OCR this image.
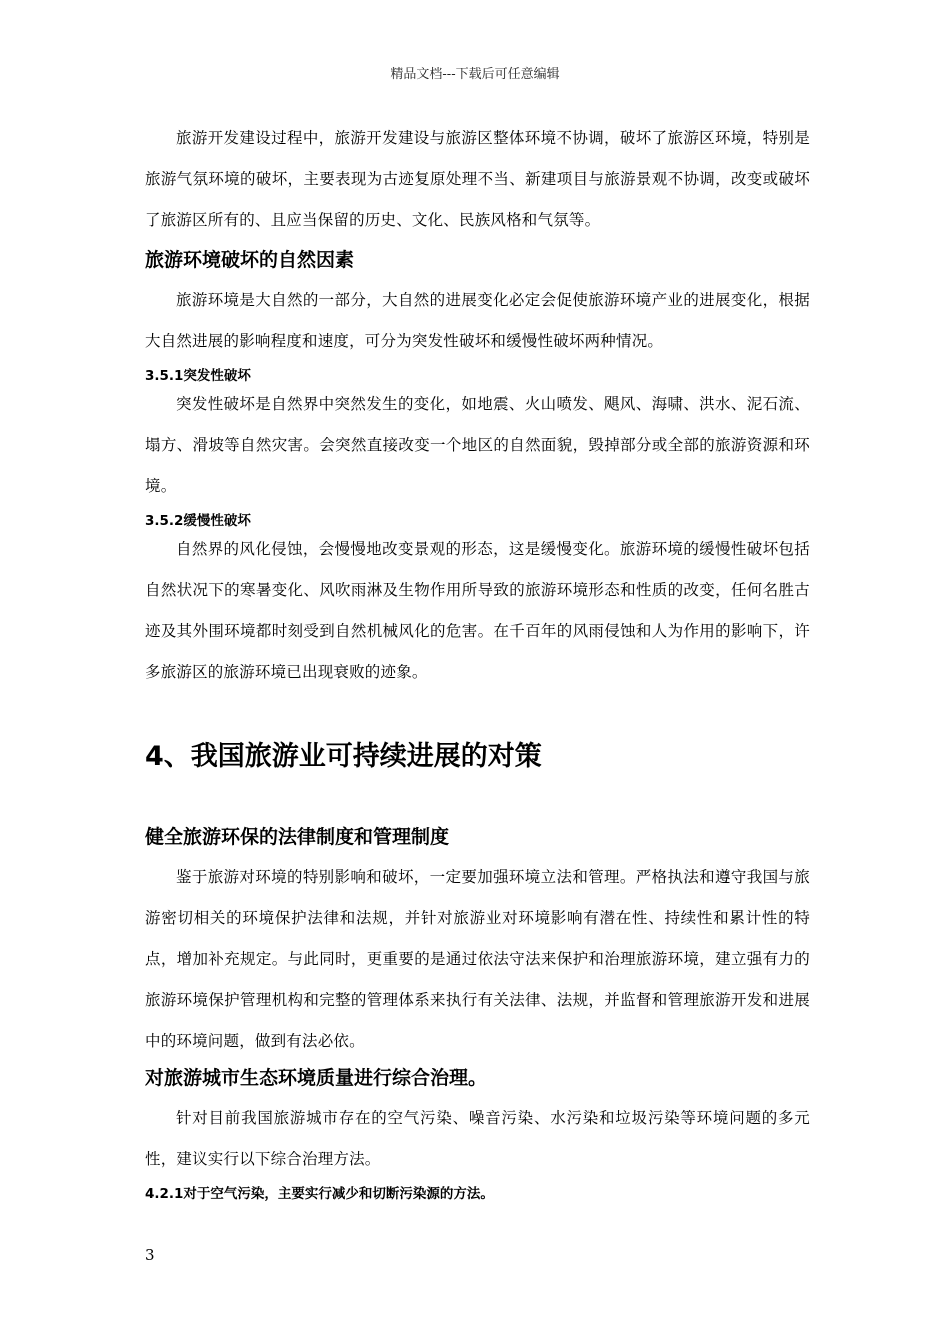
精品文档---下载后可任意编辑

旅游开发建设过程中，旅游开发建设与旅游区整体环境不协调，破坏了旅游区环境，特别是旅游气氛环境的破坏，主要表现为古迹复原处理不当、新建项目与旅游景观不协调，改变或破坏了旅游区所有的、且应当保留的历史、文化、民族风格和气氛等。

旅游环境破坏的自然因素

旅游环境是大自然的一部分，大自然的进展变化必定会促使旅游环境产业的进展变化，根据大自然进展的影响程度和速度，可分为突发性破坏和缓慢性破坏两种情况。

3.5.1突发性破坏

突发性破坏是自然界中突然发生的变化，如地震、火山喷发、飓风、海啸、洪水、泥石流、塌方、滑坡等自然灾害。会突然直接改变一个地区的自然面貌，毁掉部分或全部的旅游资源和环境。

3.5.2缓慢性破坏

自然界的风化侵蚀，会慢慢地改变景观的形态，这是缓慢变化。旅游环境的缓慢性破坏包括自然状况下的寒暑变化、风吹雨淋及生物作用所导致的旅游环境形态和性质的改变，任何名胜古迹及其外围环境都时刻受到自然机械风化的危害。在千百年的风雨侵蚀和人为作用的影响下，许多旅游区的旅游环境已出现衰败的迹象。

4、我国旅游业可持续进展的对策
健全旅游环保的法律制度和管理制度

鉴于旅游对环境的特别影响和破坏，一定要加强环境立法和管理。严格执法和遵守我国与旅游密切相关的环境保护法律和法规，并针对旅游业对环境影响有潜在性、持续性和累计性的特点，增加补充规定。与此同时，更重要的是通过依法守法来保护和治理旅游环境，建立强有力的旅游环境保护管理机构和完整的管理体系来执行有关法律、法规，并监督和管理旅游开发和进展中的环境问题，做到有法必依。

对旅游城市生态环境质量进行综合治理。

针对目前我国旅游城市存在的空气污染、噪音污染、水污染和垃圾污染等环境问题的多元性，建议实行以下综合治理方法。

4.2.1对于空气污染，主要实行减少和切断污染源的方法。
3
